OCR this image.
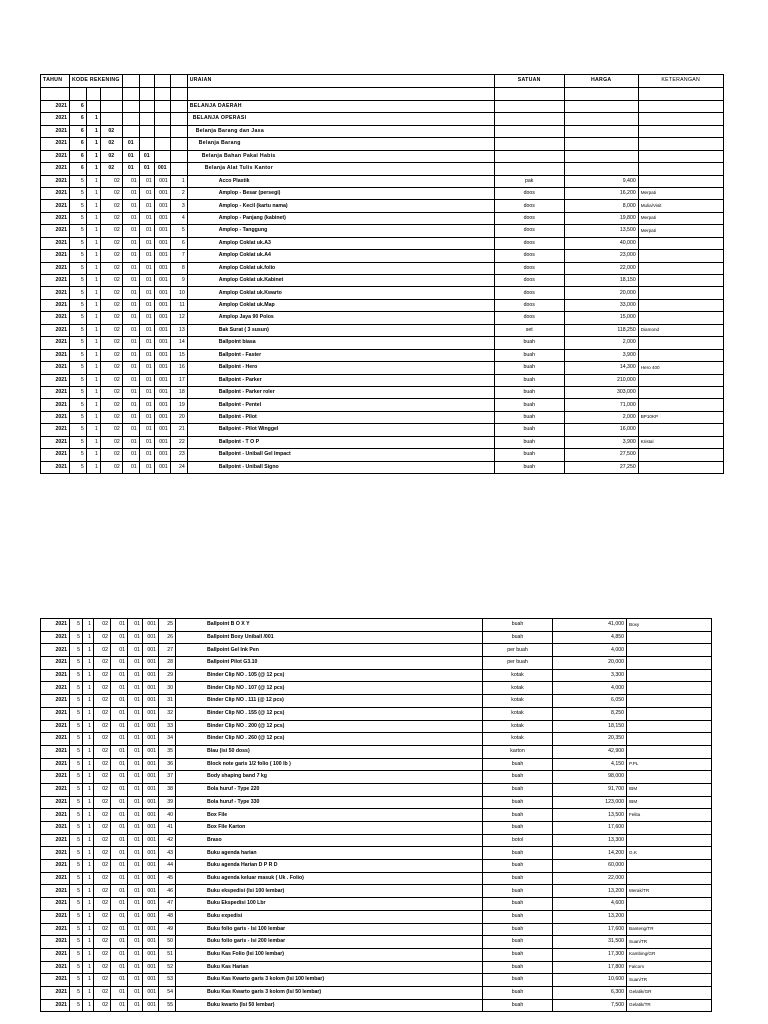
TAHUN	KODE REKENING							URAIAN	SATUAN	HARGA	KETERANGAN

2021	6							BELANJA DAERAH			
2021	6	1						BELANJA OPERASI			
2021	6	1	02					Belanja Barang dan Jasa			
2021	6	1	02	01				Belanja Barang			
2021	6	1	02	01	01			Belanja Bahan Pakai Habis			
2021	6	1	02	01	01	001		Belanja Alat Tulis Kantor			
2021	5	1	02	01	01	001	1	Acco Plastik	pak	9,400	
2021	5	1	02	01	01	001	2	Amplop - Besar (persegi)	doos	16,200	Merpati
2021	5	1	02	01	01	001	3	Amplop - Kecil (kartu nama)	doos	8,000	Mulia/Visit
2021	5	1	02	01	01	001	4	Amplop - Panjang (kabinet)	doos	19,800	Merpati
2021	5	1	02	01	01	001	5	Amplop - Tanggung	doos	13,500	Merpati
2021	5	1	02	01	01	001	6	Amplop Coklat uk.A3	doos	40,000	
2021	5	1	02	01	01	001	7	Amplop Coklat uk.A4	doos	23,000	
2021	5	1	02	01	01	001	8	Amplop Coklat uk.folio	doos	22,000	
2021	5	1	02	01	01	001	9	Amplop Coklat uk.Kabinet	doos	18,150	
2021	5	1	02	01	01	001	10	Amplop Coklat uk.Kwarto	doos	20,000	
2021	5	1	02	01	01	001	11	Amplop Coklat uk.Map	doos	33,000	
2021	5	1	02	01	01	001	12	Amplop Jaya 90 Polos	doos	15,000	
2021	5	1	02	01	01	001	13	Bak Surat ( 3 susun)	set	118,250	Diamond
2021	5	1	02	01	01	001	14	Ballpoint biasa	buah	2,000	
2021	5	1	02	01	01	001	15	Ballpoint - Faster	buah	3,900	
2021	5	1	02	01	01	001	16	Ballpoint - Hero	buah	14,300	Hero 400
2021	5	1	02	01	01	001	17	Ballpoint - Parker	buah	210,000	
2021	5	1	02	01	01	001	18	Ballpoint - Parker roler	buah	303,000	
2021	5	1	02	01	01	001	19	Ballpoint - Pentel	buah	71,000	
2021	5	1	02	01	01	001	20	Ballpoint - Pilot	buah	2,000	BP10KP
2021	5	1	02	01	01	001	21	Ballpoint - Pilot Winggel	buah	16,000	
2021	5	1	02	01	01	001	22	Ballpoint - T O P	buah	3,900	Kristal
2021	5	1	02	01	01	001	23	Ballpoint - Uniball Gel Impact	buah	27,500	
2021	5	1	02	01	01	001	24	Ballpoint - Uniball Signo	buah	27,250	
2021	5	1	02	01	01	001	25	Ballpoint B O X Y	buah	41,000	Boxy
2021	5	1	02	01	01	001	26	Ballpoint Boxy Uniball /001	buah	4,850	
2021	5	1	02	01	01	001	27	Ballpoint Gel Ink Pen	per buah	4,000	
2021	5	1	02	01	01	001	28	Ballpoint Pilot G3.10	per buah	20,000	
2021	5	1	02	01	01	001	29	Binder Clip NO . 105 (@ 12 pcs)	kotak	3,300	
2021	5	1	02	01	01	001	30	Binder Clip NO . 107 (@ 12 pcs)	kotak	4,000	
2021	5	1	02	01	01	001	31	Binder Clip NO . 111 (@ 12 pcs)	kotak	6,050	
2021	5	1	02	01	01	001	32	Binder Clip NO . 155 (@ 12 pcs)	kotak	8,250	
2021	5	1	02	01	01	001	33	Binder Clip NO . 200 (@ 12 pcs)	kotak	18,150	
2021	5	1	02	01	01	001	34	Binder Clip NO . 260 (@ 12 pcs)	kotak	20,350	
2021	5	1	02	01	01	001	35	Blau (isi 50 doss)	karton	42,900	
2021	5	1	02	01	01	001	36	Block note garis 1/2 folio ( 100 lb )	buah	4,150	P.PL
2021	5	1	02	01	01	001	37	Body shaping band 7 kg	buah	98,000	
2021	5	1	02	01	01	001	38	Bola huruf - Type 220	buah	91,700	IBM
2021	5	1	02	01	01	001	39	Bola huruf - Type 330	buah	123,000	IBM
2021	5	1	02	01	01	001	40	Box File	buah	13,500	Felita
2021	5	1	02	01	01	001	41	Box File Karton	buah	17,600	
2021	5	1	02	01	01	001	42	Braso	botol	13,300	
2021	5	1	02	01	01	001	43	Buku agenda harian	buah	14,200	G.K
2021	5	1	02	01	01	001	44	Buku agenda Harian D P R D	buah	60,000	
2021	5	1	02	01	01	001	45	Buku agenda keluar masuk ( Uk . Folio)	buah	22,000	
2021	5	1	02	01	01	001	46	Buku ekspedisi (Isi 100 lembar)	buah	13,200	Merak/TR
2021	5	1	02	01	01	001	47	Buku Ekspedisi 100 Lbr	buah	4,600	
2021	5	1	02	01	01	001	48	Buku expedisi	buah	13,200	
2021	5	1	02	01	01	001	49	Buku folio garis - Isi 100 lembar	buah	17,600	Banteng/TR
2021	5	1	02	01	01	001	50	Buku folio garis - Isi 200 lembar	buah	31,500	Suan/TR
2021	5	1	02	01	01	001	51	Buku Kas Folio (Isi 100 lembar)	buah	17,300	Kambing/GR
2021	5	1	02	01	01	001	52	Buku Kas Harian	buah	17,800	Falcom
2021	5	1	02	01	01	001	53	Buku Kas Kwarto garis 3 kolom (Isi 100 lembar)	buah	10,600	Suan/TR
2021	5	1	02	01	01	001	54	Buku Kas Kwarto garis 3 kolom (Isi 50 lembar)	buah	6,300	Gelatik/GR
2021	5	1	02	01	01	001	55	Buku kwarto (Isi 50 lembar)	buah	7,500	Gelatik/TR
